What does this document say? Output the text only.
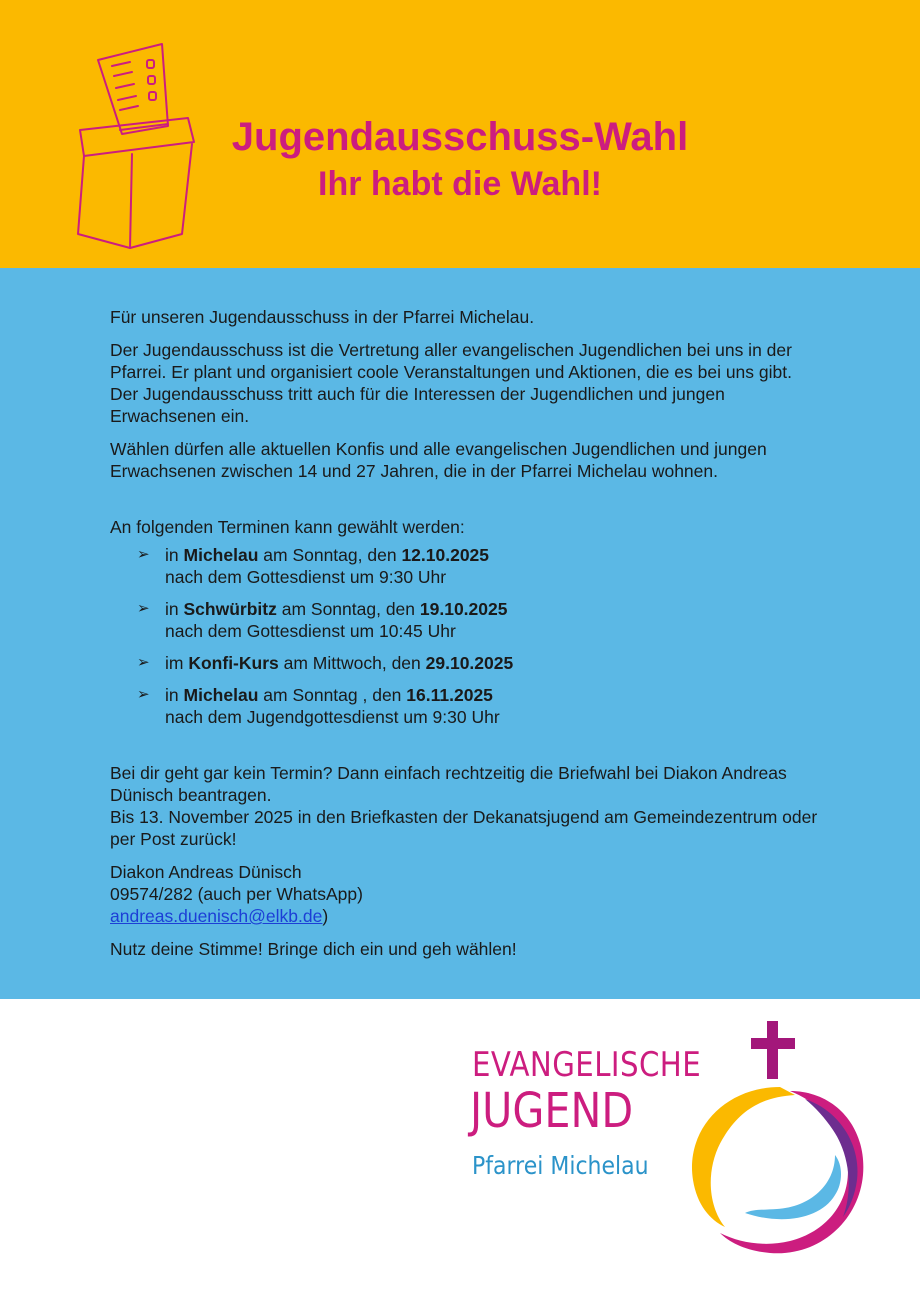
Jugendausschuss-Wahl
Ihr habt die Wahl!

Für unseren Jugendausschuss in der Pfarrei Michelau.

Der Jugendausschuss ist die Vertretung aller evangelischen Jugendlichen bei uns in der Pfarrei. Er plant und organisiert coole Veranstaltungen und Aktionen, die es bei uns gibt. Der Jugendausschuss tritt auch für die Interessen der Jugendlichen und jungen Erwachsenen ein.

Wählen dürfen alle aktuellen Konfis und alle evangelischen Jugendlichen und jungen Erwachsenen zwischen 14 und 27 Jahren, die in der Pfarrei Michelau wohnen.

An folgenden Terminen kann gewählt werden:

➢ in Michelau am Sonntag, den 12.10.2025
nach dem Gottesdienst um 9:30 Uhr
➢ in Schwürbitz am Sonntag, den 19.10.2025
nach dem Gottesdienst um 10:45 Uhr
➢ im Konfi-Kurs am Mittwoch, den 29.10.2025
➢ in Michelau am Sonntag , den 16.11.2025
nach dem Jugendgottesdienst um 9:30 Uhr

Bei dir geht gar kein Termin? Dann einfach rechtzeitig die Briefwahl bei Diakon Andreas Dünisch beantragen.

Bis 13. November 2025 in den Briefkasten der Dekanatsjugend am Gemeindezentrum oder per Post zurück!

Diakon Andreas Dünisch
09574/282 (auch per WhatsApp)
andreas.duenisch@elkb.de)

Nutz deine Stimme! Bringe dich ein und geh wählen!

EVANGELISCHE
JUGEND
Pfarrei Michelau
